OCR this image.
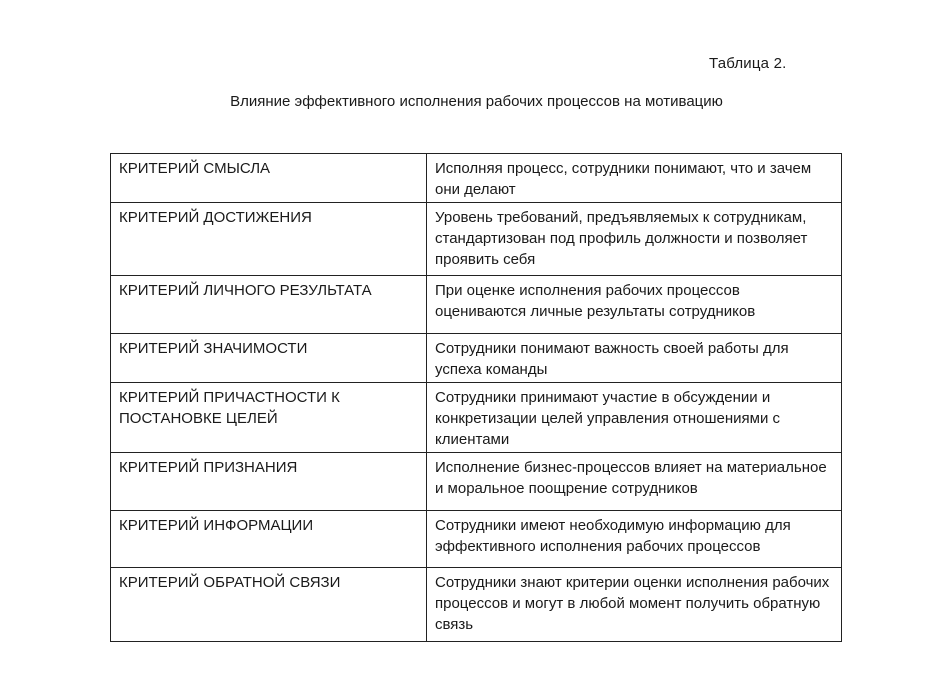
Таблица 2.
Влияние эффективного исполнения рабочих процессов на мотивацию
КРИТЕРИЙ СМЫСЛА	Исполняя процесс, сотрудники понимают, что и зачем они делают
КРИТЕРИЙ ДОСТИЖЕНИЯ	Уровень требований, предъявляемых к сотрудникам, стандартизован под профиль должности и позволяет проявить себя
КРИТЕРИЙ ЛИЧНОГО РЕЗУЛЬТАТА	При оценке исполнения рабочих процессов оцениваются личные результаты сотрудников
КРИТЕРИЙ ЗНАЧИМОСТИ	Сотрудники понимают важность своей работы для успеха команды
КРИТЕРИЙ ПРИЧАСТНОСТИ К ПОСТАНОВКЕ ЦЕЛЕЙ	Сотрудники принимают участие в обсуждении и конкретизации целей управления отношениями с клиентами
КРИТЕРИЙ ПРИЗНАНИЯ	Исполнение бизнес-процессов влияет на материальное и моральное поощрение сотрудников
КРИТЕРИЙ ИНФОРМАЦИИ	Сотрудники имеют необходимую информацию для эффективного исполнения рабочих процессов
КРИТЕРИЙ ОБРАТНОЙ СВЯЗИ	Сотрудники знают критерии оценки исполнения рабочих процессов и могут в любой момент получить обратную связь
